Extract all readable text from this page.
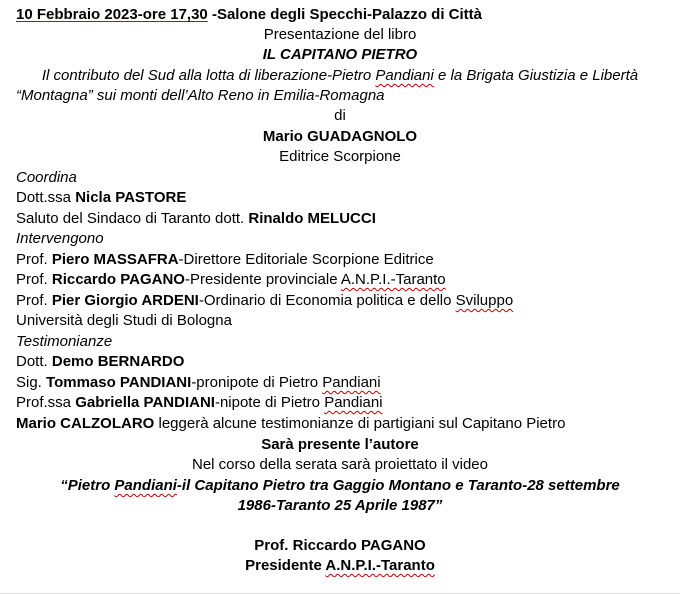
10 Febbraio 2023-ore 17,30 -Salone degli Specchi-Palazzo di Città
Presentazione del libro
IL CAPITANO PIETRO
Il contributo del Sud alla lotta di liberazione-Pietro Pandiani e la Brigata Giustizia e Libertà
“Montagna” sui monti dell’Alto Reno in Emilia-Romagna
di
Mario GUADAGNOLO
Editrice Scorpione
Coordina
Dott.ssa Nicla PASTORE
Saluto del Sindaco di Taranto dott. Rinaldo MELUCCI
Intervengono
Prof. Piero MASSAFRA-Direttore Editoriale Scorpione Editrice
Prof. Riccardo PAGANO-Presidente provinciale A.N.P.I.-Taranto
Prof. Pier Giorgio ARDENI-Ordinario di Economia politica e dello Sviluppo
Università degli Studi di Bologna
Testimonianze
Dott. Demo BERNARDO
Sig. Tommaso PANDIANI-pronipote di Pietro Pandiani
Prof.ssa Gabriella PANDIANI-nipote di Pietro Pandiani
Mario CALZOLARO leggerà alcune testimonianze di partigiani sul Capitano Pietro
Sarà presente l’autore
Nel corso della serata sarà proiettato il video
“Pietro Pandiani-il Capitano Pietro tra Gaggio Montano e Taranto-28 settembre
1986-Taranto 25 Aprile 1987”
Prof. Riccardo PAGANO
Presidente A.N.P.I.-Taranto
